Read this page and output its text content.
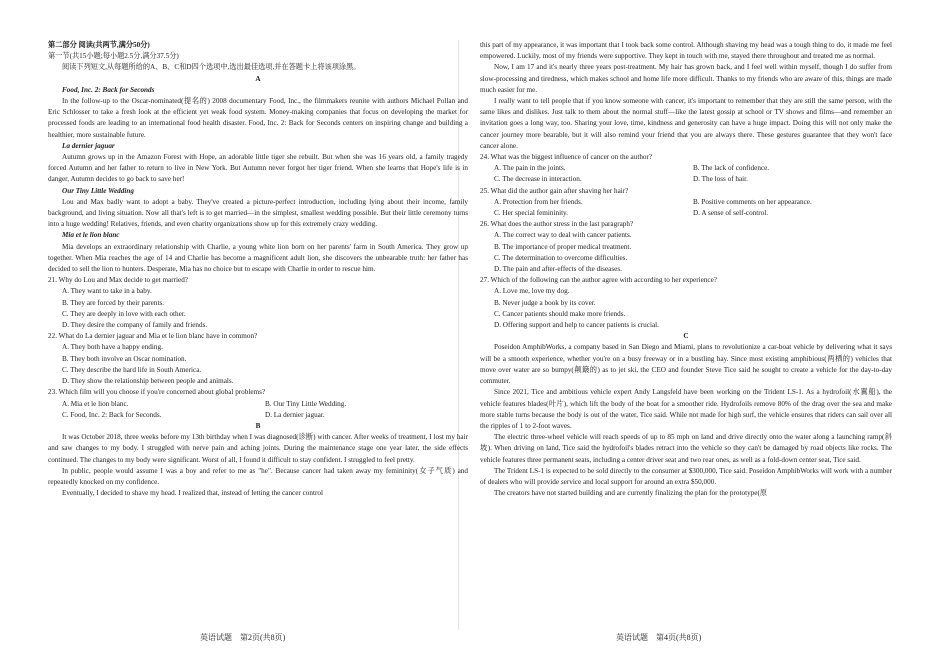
第二部分 阅读(共两节,满分50分)

第一节(共15小题;每小题2.5分,满分37.5分)

阅读下列短文,从每题所给的A、B、C和D四个选项中,选出最佳选项,并在答题卡上将该项涂黑。

A

Food, Inc. 2: Back for Seconds

In the follow-up to the Oscar-nominated(提名的) 2008 documentary Food, Inc., the filmmakers reunite with authors Michael Pollan and Eric Schlosser to take a fresh look at the efficient yet weak food system. Money-making companies that focus on developing the market for processed foods are leading to an international food health disaster. Food, Inc. 2: Back for Seconds centers on inspiring change and building a healthier, more sustainable future.

La dernier jaguar

Autumn grows up in the Amazon Forest with Hope, an adorable little tiger she rebuilt. But when she was 16 years old, a family tragedy forced Autumn and her father to return to live in New York. But Autumn never forgot her tiger friend. When she learns that Hope's life is in danger, Autumn decides to go back to save her!

Our Tiny Little Wedding

Lou and Max badly want to adopt a baby. They've created a picture-perfect introduction, including lying about their income, family background, and living situation. Now all that's left is to get married—in the simplest, smallest wedding possible. But their little ceremony turns into a huge wedding! Relatives, friends, and even charity organizations show up for this extremely crazy wedding.

Mia et le lion blanc

Mia develops an extraordinary relationship with Charlie, a young white lion born on her parents' farm in South America. They grow up together. When Mia reaches the age of 14 and Charlie has become a magnificent adult lion, she discovers the unbearable truth: her father has decided to sell the lion to hunters. Desperate, Mia has no choice but to escape with Charlie in order to rescue him.

21. Why do Lou and Max decide to get married?

A. They want to take in a baby.

B. They are forced by their parents.

C. They are deeply in love with each other.

D. They desire the company of family and friends.

22. What do La dernier jaguar and Mia et le lion blanc have in common?

A. They both have a happy ending.

B. They both involve an Oscar nomination.

C. They describe the hard life in South America.

D. They show the relationship between people and animals.

23. Which film will you choose if you're concerned about global problems?

A. Mia et le lion blanc.	B. Our Tiny Little Wedding.
C. Food, Inc. 2: Back for Seconds.	D. La dernier jaguar.

B

It was October 2018, three weeks before my 13th birthday when I was diagnosed(诊断) with cancer. After weeks of treatment, I lost my hair and saw changes to my body. I struggled with nerve pain and aching joints. During the maintenance stage one year later, the side effects continued. The changes to my body were significant. Worst of all, I found it difficult to stay confident. I struggled to feel pretty.

In public, people would assume I was a boy and refer to me as "he". Because cancer had taken away my femininity(女子气质) and repeatedly knocked on my confidence.

Eventually, I decided to shave my head. I realized that, instead of letting the cancer control

this part of my appearance, it was important that I took back some control. Although shaving my head was a tough thing to do, it made me feel empowered. Luckily, most of my friends were supportive. They kept in touch with me, stayed there throughout and treated me as normal.

Now, I am 17 and it's nearly three years post-treatment. My hair has grown back, and I feel well within myself, though I do suffer from slow-processing and tiredness, which makes school and home life more difficult. Thanks to my friends who are aware of this, things are made much easier for me.

I really want to tell people that if you know someone with cancer, it's important to remember that they are still the same person, with the same likes and dislikes. Just talk to them about the normal stuff—like the latest gossip at school or TV shows and films—and remember an invitation goes a long way, too. Sharing your love, time, kindness and generosity can have a huge impact. Doing this will not only make the cancer journey more bearable, but it will also remind your friend that you are always there. These gestures guarantee that they won't face cancer alone.

24. What was the biggest influence of cancer on the author?

A. The pain in the joints.	B. The lack of confidence.
C. The decrease in interaction.	D. The loss of hair.

25. What did the author gain after shaving her hair?

A. Protection from her friends.	B. Positive comments on her appearance.
C. Her special femininity.	D. A sense of self-control.

26. What does the author stress in the last paragraph?

A. The correct way to deal with cancer patients.

B. The importance of proper medical treatment.

C. The determination to overcome difficulties.

D. The pain and after-effects of the diseases.

27. Which of the following can the author agree with according to her experience?

A. Love me, love my dog.

B. Never judge a book by its cover.

C. Cancer patients should make more friends.

D. Offering support and help to cancer patients is crucial.

C

Poseidon AmphibWorks, a company based in San Diego and Miami, plans to revolutionize a car-boat vehicle by delivering what it says will be a smooth experience, whether you're on a busy freeway or in a bustling bay. Since most existing amphibious(两栖的) vehicles that move over water are so bumpy(颠簸的) as to jet ski, the CEO and founder Steve Tice said he sought to create a vehicle for the day-to-day commuter.

Since 2021, Tice and ambitious vehicle expert Andy Langsfeld have been working on the Trident LS-1. As a hydrofoil(水翼船), the vehicle features blades(叶片), which lift the body of the boat for a smoother ride. Hydrofoils remove 80% of the drag over the sea and make more stable turns because the body is out of the water, Tice said. While not made for high surf, the vehicle ensures that riders can sail over all the ripples of 1 to 2-foot waves.

The electric three-wheel vehicle will reach speeds of up to 85 mph on land and drive directly onto the water along a launching ramp(斜坡). When driving on land, Tice said the hydrofoil's blades retract into the vehicle so they can't be damaged by road objects like rocks. The vehicle features three permanent seats, including a center driver seat and two rear ones, as well as a fold-down center seat, Tice said.

The Trident LS-1 is expected to be sold directly to the consumer at $300,000, Tice said. Poseidon AmphibWorks will work with a number of dealers who will provide service and local support for around an extra $50,000.

The creators have not started building and are currently finalizing the plan for the prototype(原

英语试题　第2页(共8页)	英语试题　第4页(共8页)
